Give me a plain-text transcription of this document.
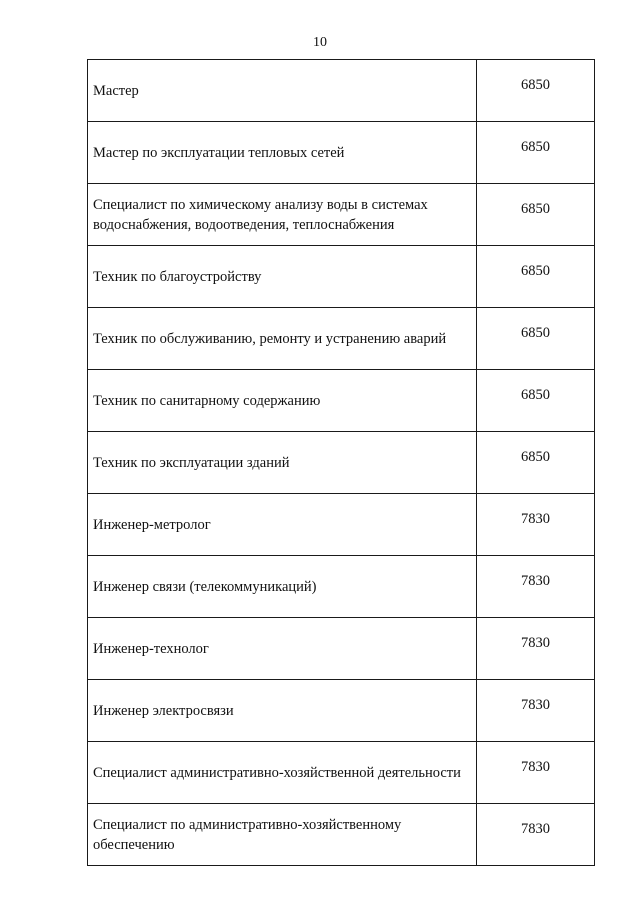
10
Мастер	6850
Мастер по эксплуатации тепловых сетей	6850
Специалист по химическому анализу воды в системах водоснабжения, водоотведения, теплоснабжения	6850
Техник по благоустройству	6850
Техник по обслуживанию, ремонту и устранению аварий	6850
Техник по санитарному содержанию	6850
Техник по эксплуатации зданий	6850
Инженер-метролог	7830
Инженер связи (телекоммуникаций)	7830
Инженер-технолог	7830
Инженер электросвязи	7830
Специалист административно-хозяйственной деятельности	7830
Специалист по административно-хозяйственному обеспечению	7830
